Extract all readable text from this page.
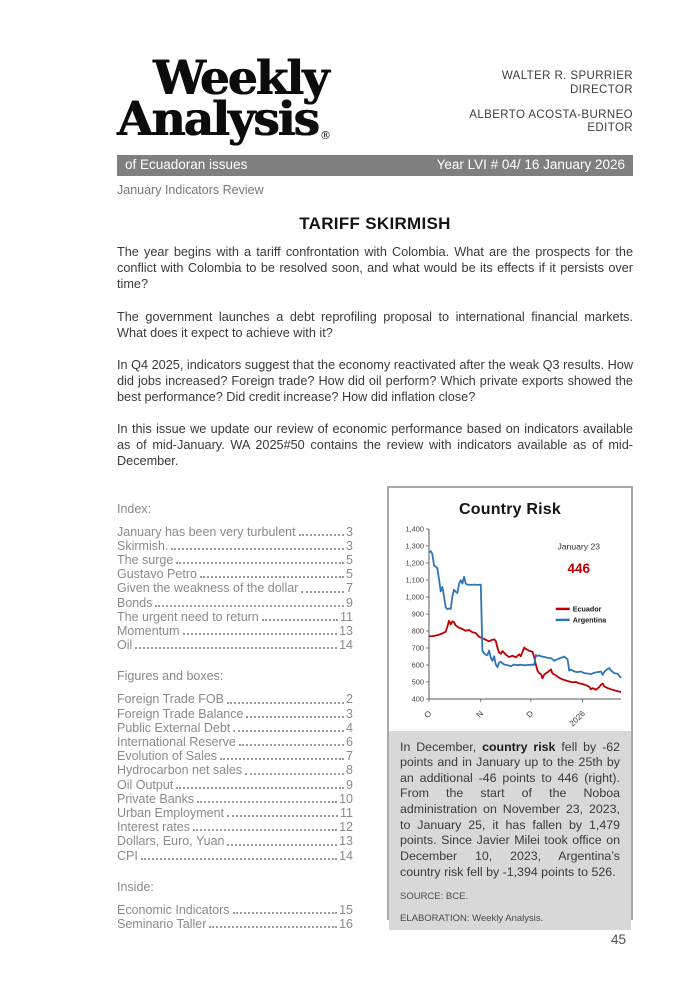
Weekly
Analysis ®
WALTER R. SPURRIER
DIRECTOR
ALBERTO ACOSTA-BURNEO
EDITOR
of Ecuadoran issues	Year LVI # 04/ 16 January 2026
January Indicators Review
TARIFF SKIRMISH

The year begins with a tariff confrontation with Colombia. What are the prospects for the conflict with Colombia to be resolved soon, and what would be its effects if it persists over time?

The government launches a debt reprofiling proposal to international financial markets. What does it expect to achieve with it?

In Q4 2025, indicators suggest that the economy reactivated after the weak Q3 results. How did jobs increased? Foreign trade? How did oil perform? Which private exports showed the best performance? Did credit increase? How did inflation close?

In this issue we update our review of economic performance based on indicators available as of mid-January. WA 2025#50 contains the review with indicators available as of mid-December.

Index:
January has been very turbulent	3
Skirmish.	3
The surge	5
Gustavo Petro	5
Given the weakness of the dollar	7
Bonds	9
The urgent need to return	11
Momentum	13
Oil	14
Figures and boxes:
Foreign Trade FOB	2
Foreign Trade Balance	3
Public External Debt	4
International Reserve	6
Evolution of Sales	7
Hydrocarbon net sales	8
Oil Output	9
Private Banks	10
Urban Employment	11
Interest rates	12
Dollars, Euro, Yuan	13
CPI	14
Inside:
Economic Indicators	15
Seminario Taller	16
Country Risk
400
500
600
700
800
900
1,000
1,100
1,200
1,300
1,400
O	N	D	2026
Ecuador
Argentina
January 23
446

In December, country risk fell by -62 points and in January up to the 25th by an additional -46 points to 446 (right). From the start of the Noboa administration on November 23, 2023, to January 25, it has fallen by 1,479 points. Since Javier Milei took office on December 10, 2023, Argentina’s country risk fell by -1,394 points to 526.

SOURCE: BCE.
ELABORATION: Weekly Analysis.
45
